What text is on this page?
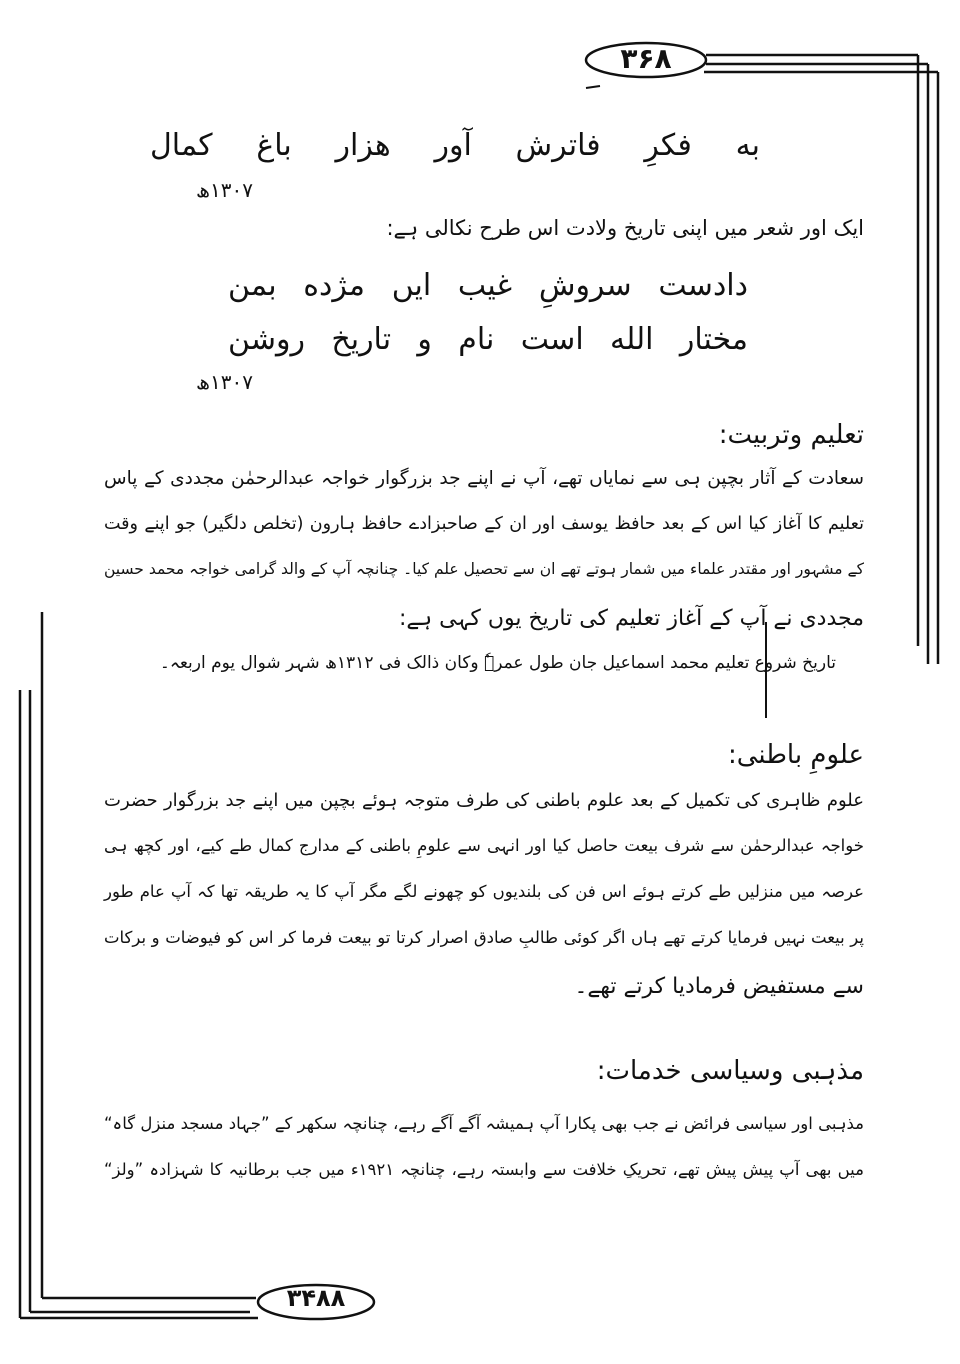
۳۶۸
۳۴۸۸
به
فکرِ
فاترش
آور
هزار
باغ
کمال
۱۳۰۷ھ
ایک اور شعر میں اپنی تاریخ ولادت اس طرح نکالی ہے:
دادست
سروشِ
غیب
ایں
مژده
بمن
مختار
الله
است
نام
و
تاریخ
روشن
۱۳۰۷ھ
تعلیم وتربیت:
سعادت کے آثار بچپن ہی سے نمایاں تھے، آپ نے اپنے جد بزرگوار خواجہ عبدالرحمٰن مجددی کے پاس
تعلیم کا آغاز کیا اس کے بعد حافظ یوسف اور ان کے صاحبزادے حافظ ہارون (تخلص دلگیر) جو اپنے وقت
کے مشہور اور مقتدر علماء میں شمار ہوتے تھے ان سے تحصیل علم کیا۔ چنانچہ آپ کے والد گرامی خواجہ محمد حسین
مجددی نے آپ کے آغاز تعلیم کی تاریخ یوں کہی ہے:
تاریخ شروع تعلیم محمد اسماعیل جان طول عمرہٗ وکان ذالک فی ۱۳۱۲ھ شہر شوال یوم اربعہ۔
علومِ باطنی:
علوم ظاہری کی تکمیل کے بعد علوم باطنی کی طرف متوجہ ہوئے بچپن میں اپنے جد بزرگوار حضرت
خواجہ عبدالرحمٰن سے شرف بیعت حاصل کیا اور انہی سے علومِ باطنی کے مدارج کمال طے کیے، اور کچھ ہی
عرصہ میں منزلیں طے کرتے ہوئے اس فن کی بلندیوں کو چھونے لگے مگر آپ کا یہ طریقہ تھا کہ آپ عام طور
پر بیعت نہیں فرمایا کرتے تھے ہاں اگر کوئی طالبِ صادق اصرار کرتا تو بیعت فرما کر اس کو فیوضات و برکات
سے مستفیض فرمادیا کرتے تھے۔
مذہبی وسیاسی خدمات:
مذہبی اور سیاسی فرائض نے جب بھی پکارا آپ ہمیشہ آگے آگے رہے، چنانچہ سکھر کے ”جہاد مسجد منزل گاہ“
میں بھی آپ پیش پیش تھے، تحریکِ خلافت سے وابستہ رہے، چنانچہ ۱۹۲۱ء میں جب برطانیہ کا شہزادہ ”ولز“
